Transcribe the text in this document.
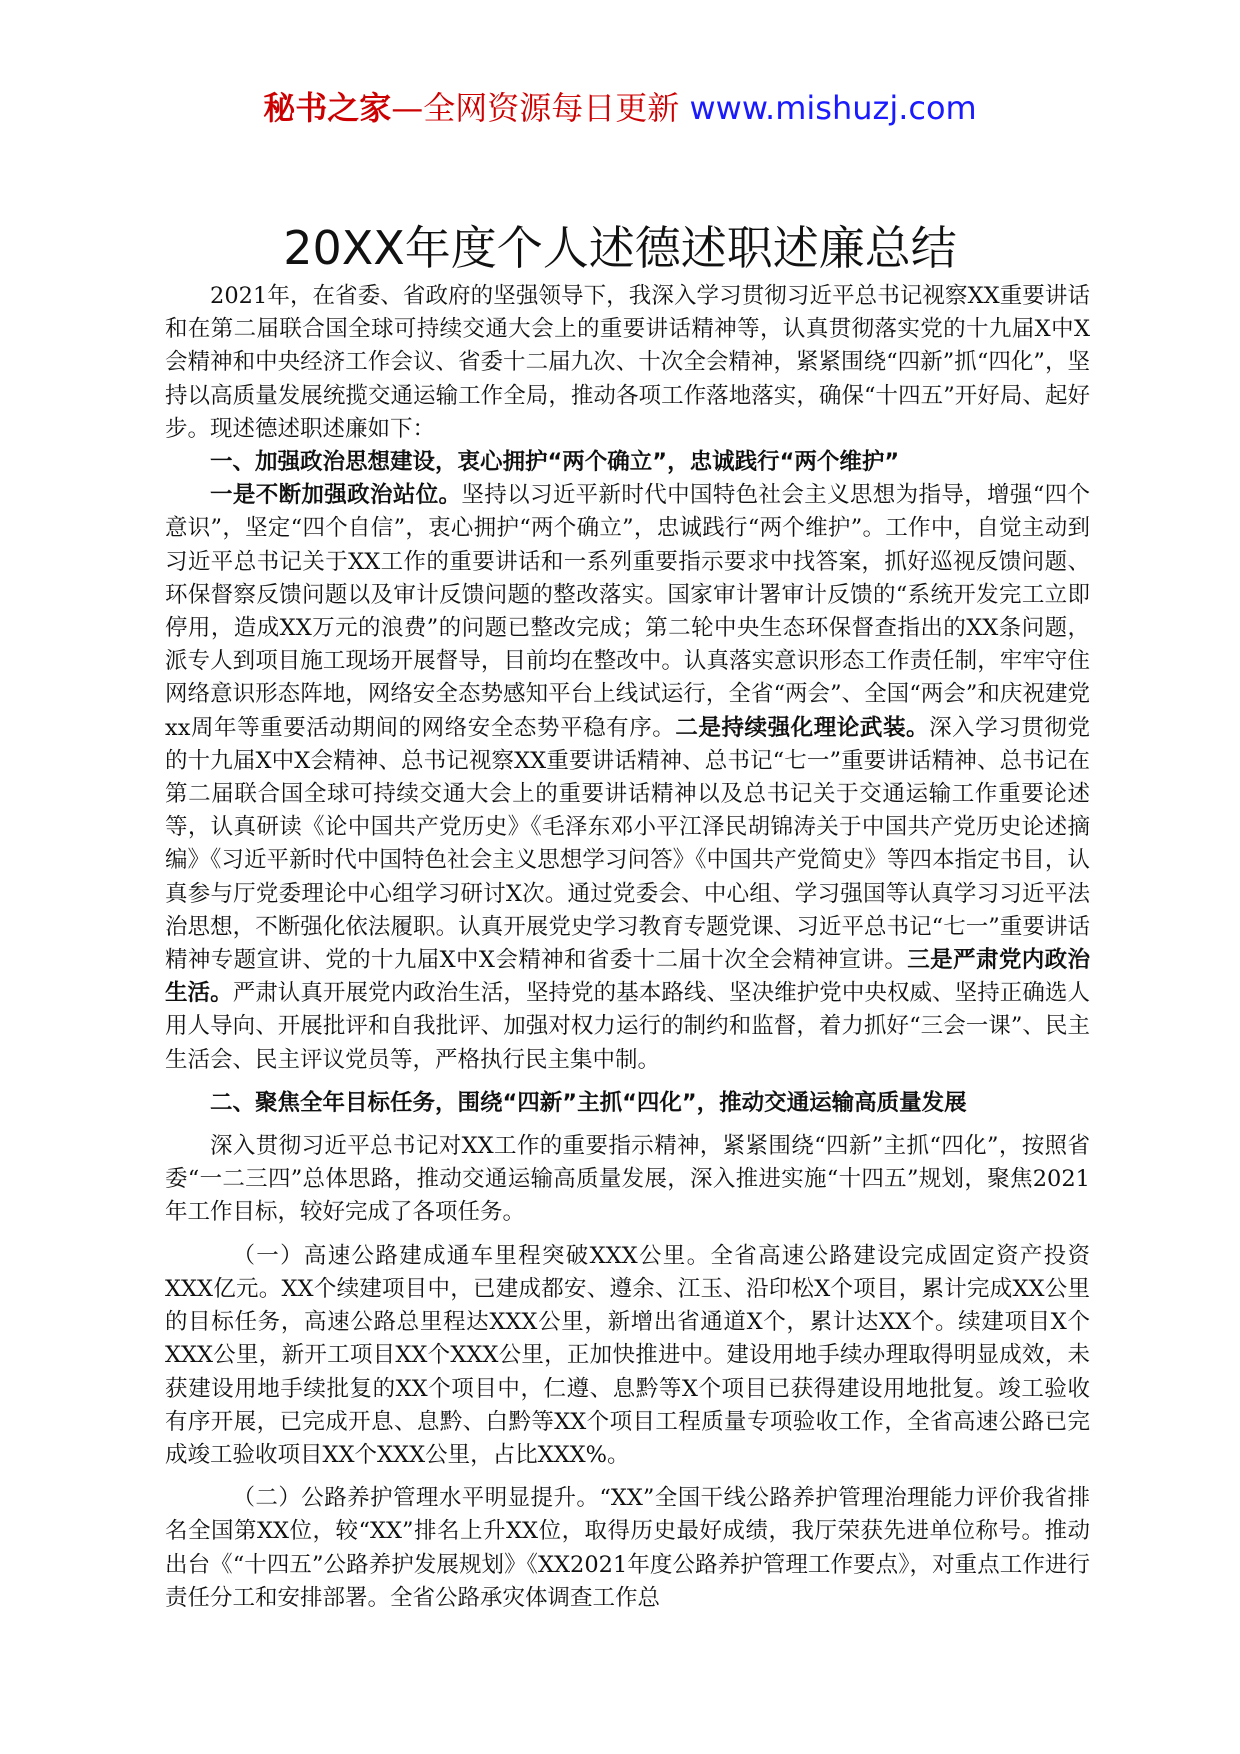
秘书之家—全网资源每日更新 www.mishuzj.com
20XX年度个人述德述职述廉总结

2021年，在省委、省政府的坚强领导下，我深入学习贯彻习近平总书记视察XX重要讲话和在第二届联合国全球可持续交通大会上的重要讲话精神等，认真贯彻落实党的十九届X中X会精神和中央经济工作会议、省委十二届九次、十次全会精神，紧紧围绕“四新”抓“四化”，坚持以高质量发展统揽交通运输工作全局，推动各项工作落地落实，确保“十四五”开好局、起好步。现述德述职述廉如下：

一、加强政治思想建设，衷心拥护“两个确立”，忠诚践行“两个维护”

一是不断加强政治站位。坚持以习近平新时代中国特色社会主义思想为指导，增强“四个意识”，坚定“四个自信”，衷心拥护“两个确立”，忠诚践行“两个维护”。工作中，自觉主动到习近平总书记关于XX工作的重要讲话和一系列重要指示要求中找答案，抓好巡视反馈问题、环保督察反馈问题以及审计反馈问题的整改落实。国家审计署审计反馈的“系统开发完工立即停用，造成XX万元的浪费”的问题已整改完成；第二轮中央生态环保督查指出的XX条问题，派专人到项目施工现场开展督导，目前均在整改中。认真落实意识形态工作责任制，牢牢守住网络意识形态阵地，网络安全态势感知平台上线试运行，全省“两会”、全国“两会”和庆祝建党xx周年等重要活动期间的网络安全态势平稳有序。二是持续强化理论武装。深入学习贯彻党的十九届X中X会精神、总书记视察XX重要讲话精神、总书记“七一”重要讲话精神、总书记在第二届联合国全球可持续交通大会上的重要讲话精神以及总书记关于交通运输工作重要论述等，认真研读《论中国共产党历史》《毛泽东邓小平江泽民胡锦涛关于中国共产党历史论述摘编》《习近平新时代中国特色社会主义思想学习问答》《中国共产党简史》等四本指定书目，认真参与厅党委理论中心组学习研讨X次。通过党委会、中心组、学习强国等认真学习习近平法治思想，不断强化依法履职。认真开展党史学习教育专题党课、习近平总书记“七一”重要讲话精神专题宣讲、党的十九届X中X会精神和省委十二届十次全会精神宣讲。三是严肃党内政治生活。严肃认真开展党内政治生活，坚持党的基本路线、坚决维护党中央权威、坚持正确选人用人导向、开展批评和自我批评、加强对权力运行的制约和监督，着力抓好“三会一课”、民主生活会、民主评议党员等，严格执行民主集中制。

二、聚焦全年目标任务，围绕“四新”主抓“四化”，推动交通运输高质量发展

深入贯彻习近平总书记对XX工作的重要指示精神，紧紧围绕“四新”主抓“四化”，按照省委“一二三四”总体思路，推动交通运输高质量发展，深入推进实施“十四五”规划，聚焦2021年工作目标，较好完成了各项任务。

（一）高速公路建成通车里程突破XXX公里。全省高速公路建设完成固定资产投资XXX亿元。XX个续建项目中，已建成都安、遵余、江玉、沿印松X个项目，累计完成XX公里的目标任务，高速公路总里程达XXX公里，新增出省通道X个，累计达XX个。续建项目X个XXX公里，新开工项目XX个XXX公里，正加快推进中。建设用地手续办理取得明显成效，未获建设用地手续批复的XX个项目中，仁遵、息黔等X个项目已获得建设用地批复。竣工验收有序开展，已完成开息、息黔、白黔等XX个项目工程质量专项验收工作，全省高速公路已完成竣工验收项目XX个XXX公里，占比XXX%。

（二）公路养护管理水平明显提升。“XX”全国干线公路养护管理治理能力评价我省排名全国第XX位，较“XX”排名上升XX位，取得历史最好成绩，我厅荣获先进单位称号。推动出台《“十四五”公路养护发展规划》《XX2021年度公路养护管理工作要点》，对重点工作进行责任分工和安排部署。全省公路承灾体调查工作总
